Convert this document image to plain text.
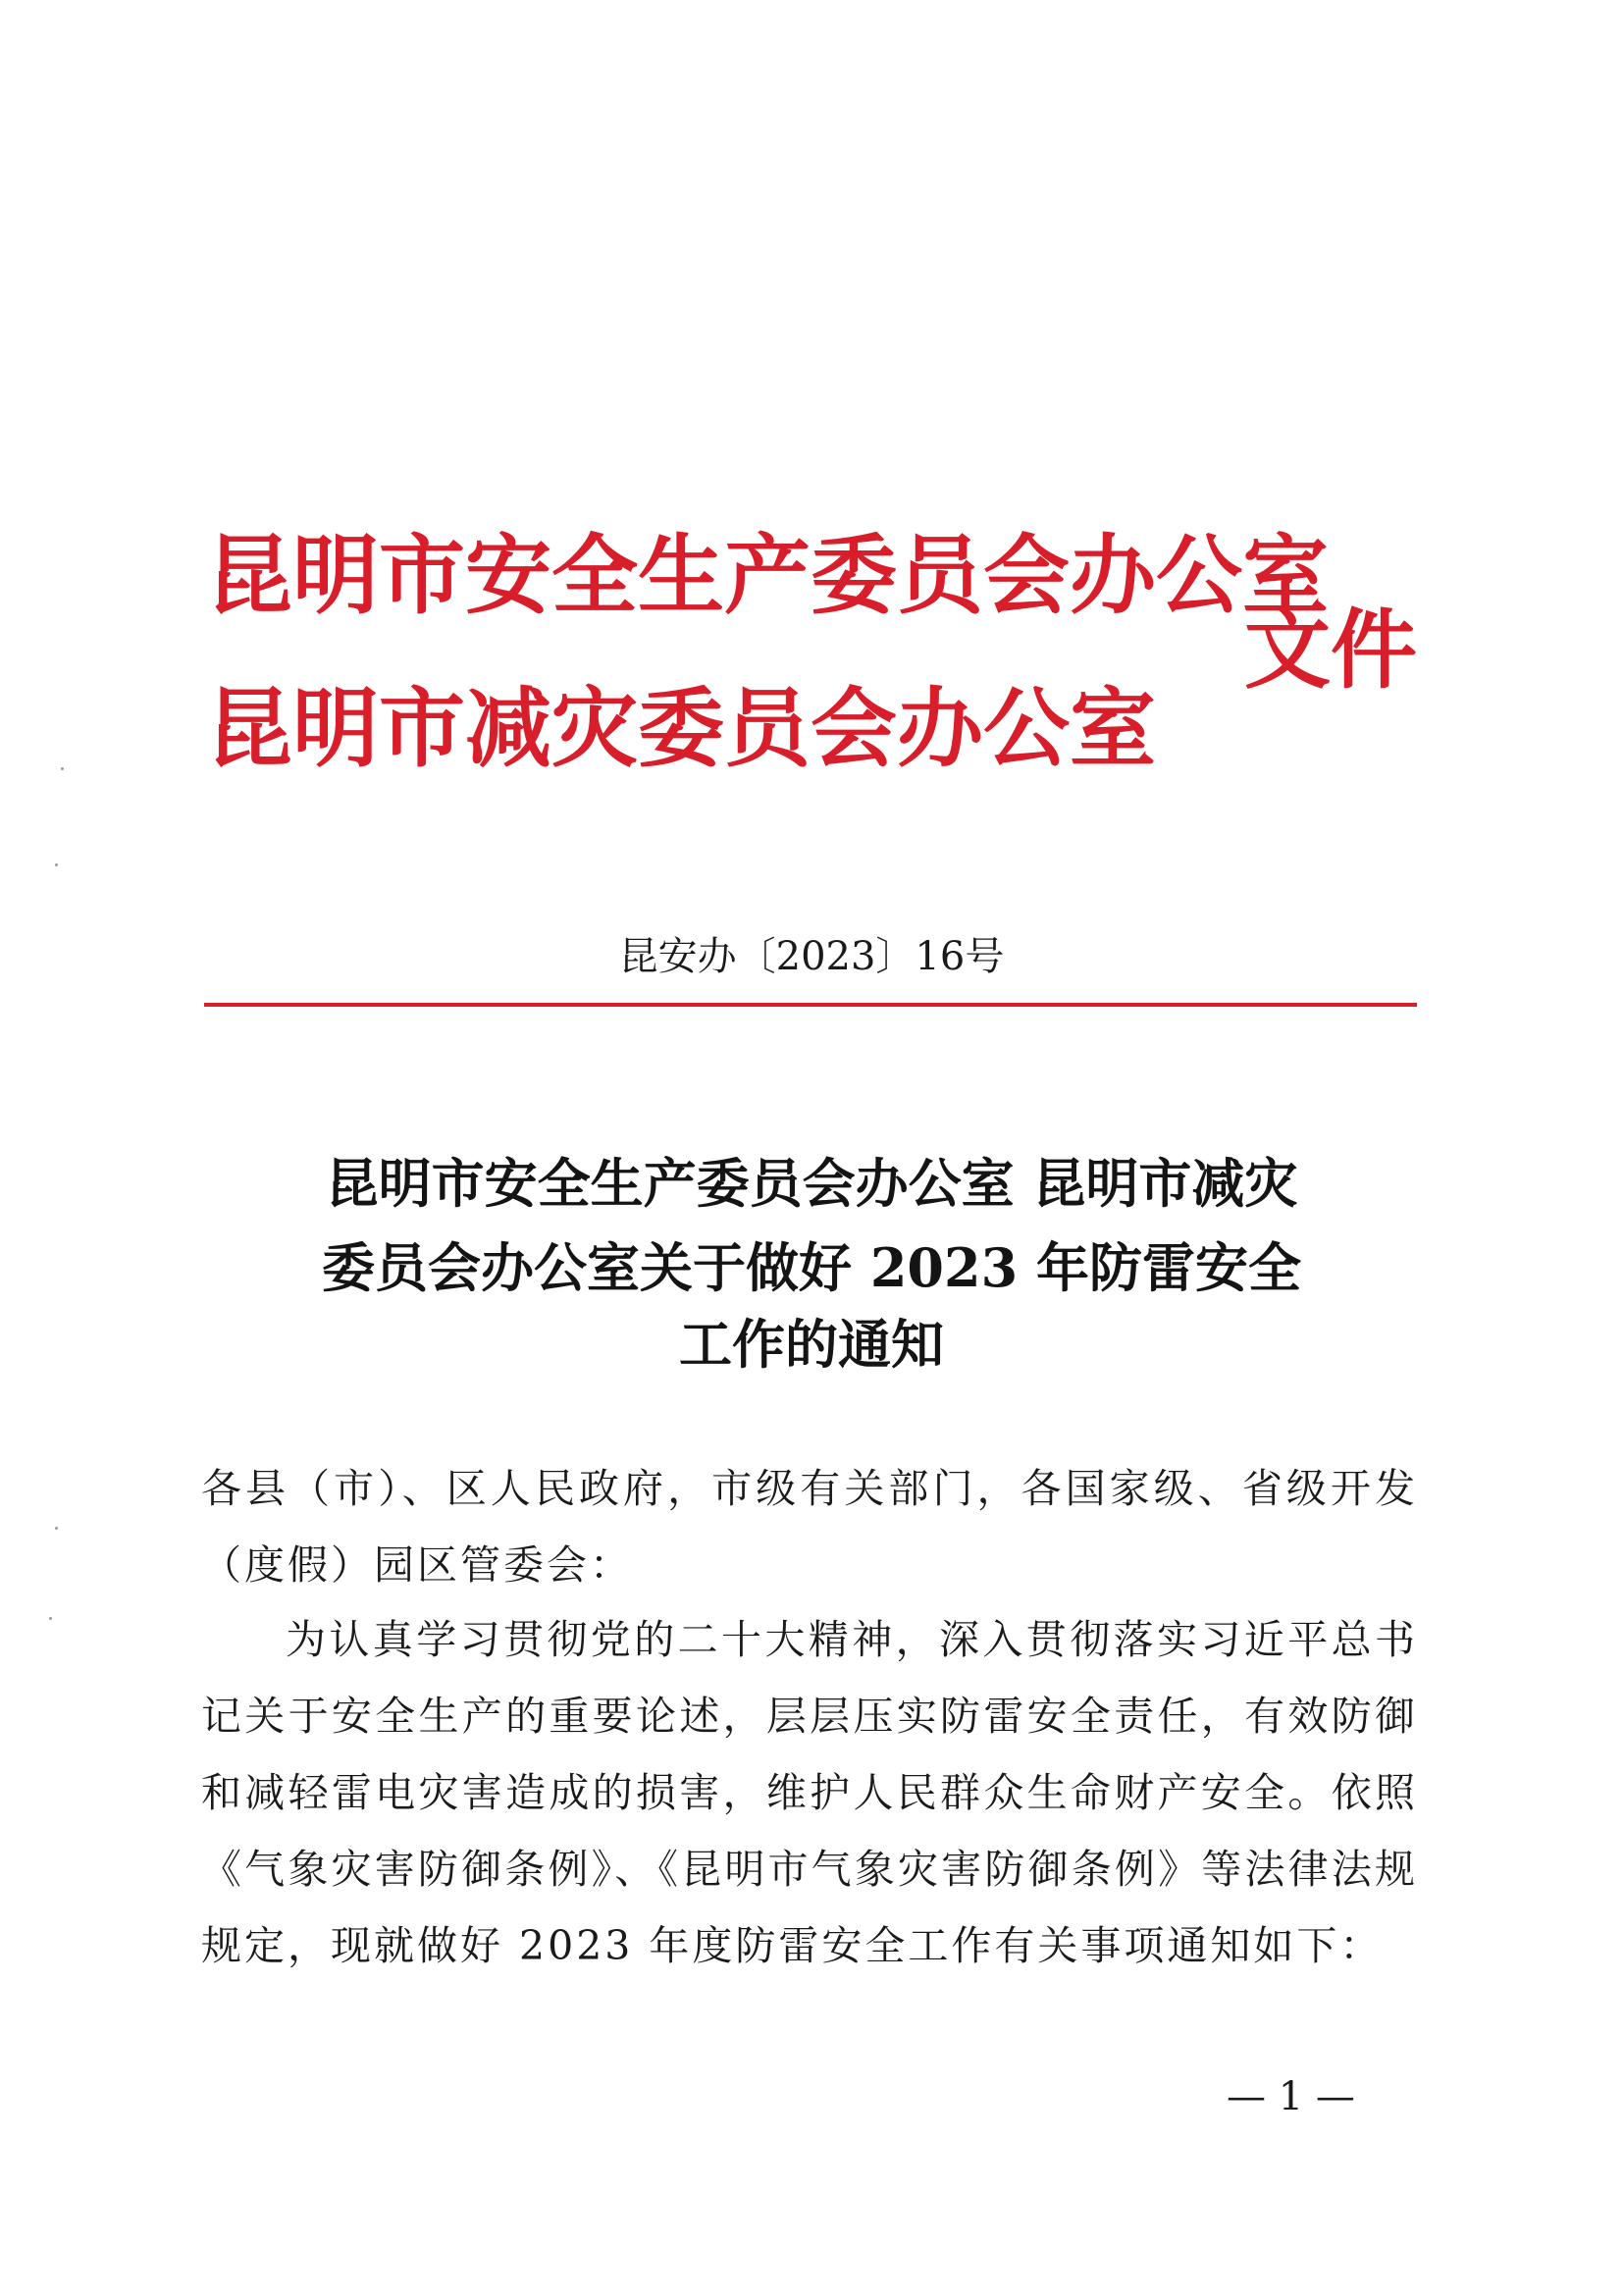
昆明市安全生产委员会办公室
昆明市减灾委员会办公室
文件
昆安办〔2023〕16号
昆明市安全生产委员会办公室 昆明市减灾
委员会办公室关于做好 2023 年防雷安全
工作的通知
各县（市）、区人民政府，市级有关部门，各国家级、省级开发（度假）园区管委会：
为认真学习贯彻党的二十大精神，深入贯彻落实习近平总书记关于安全生产的重要论述，层层压实防雷安全责任，有效防御和减轻雷电灾害造成的损害，维护人民群众生命财产安全。依照《气象灾害防御条例》、《昆明市气象灾害防御条例》等法律法规规定，现就做好 2023 年度防雷安全工作有关事项通知如下：
— 1 —
